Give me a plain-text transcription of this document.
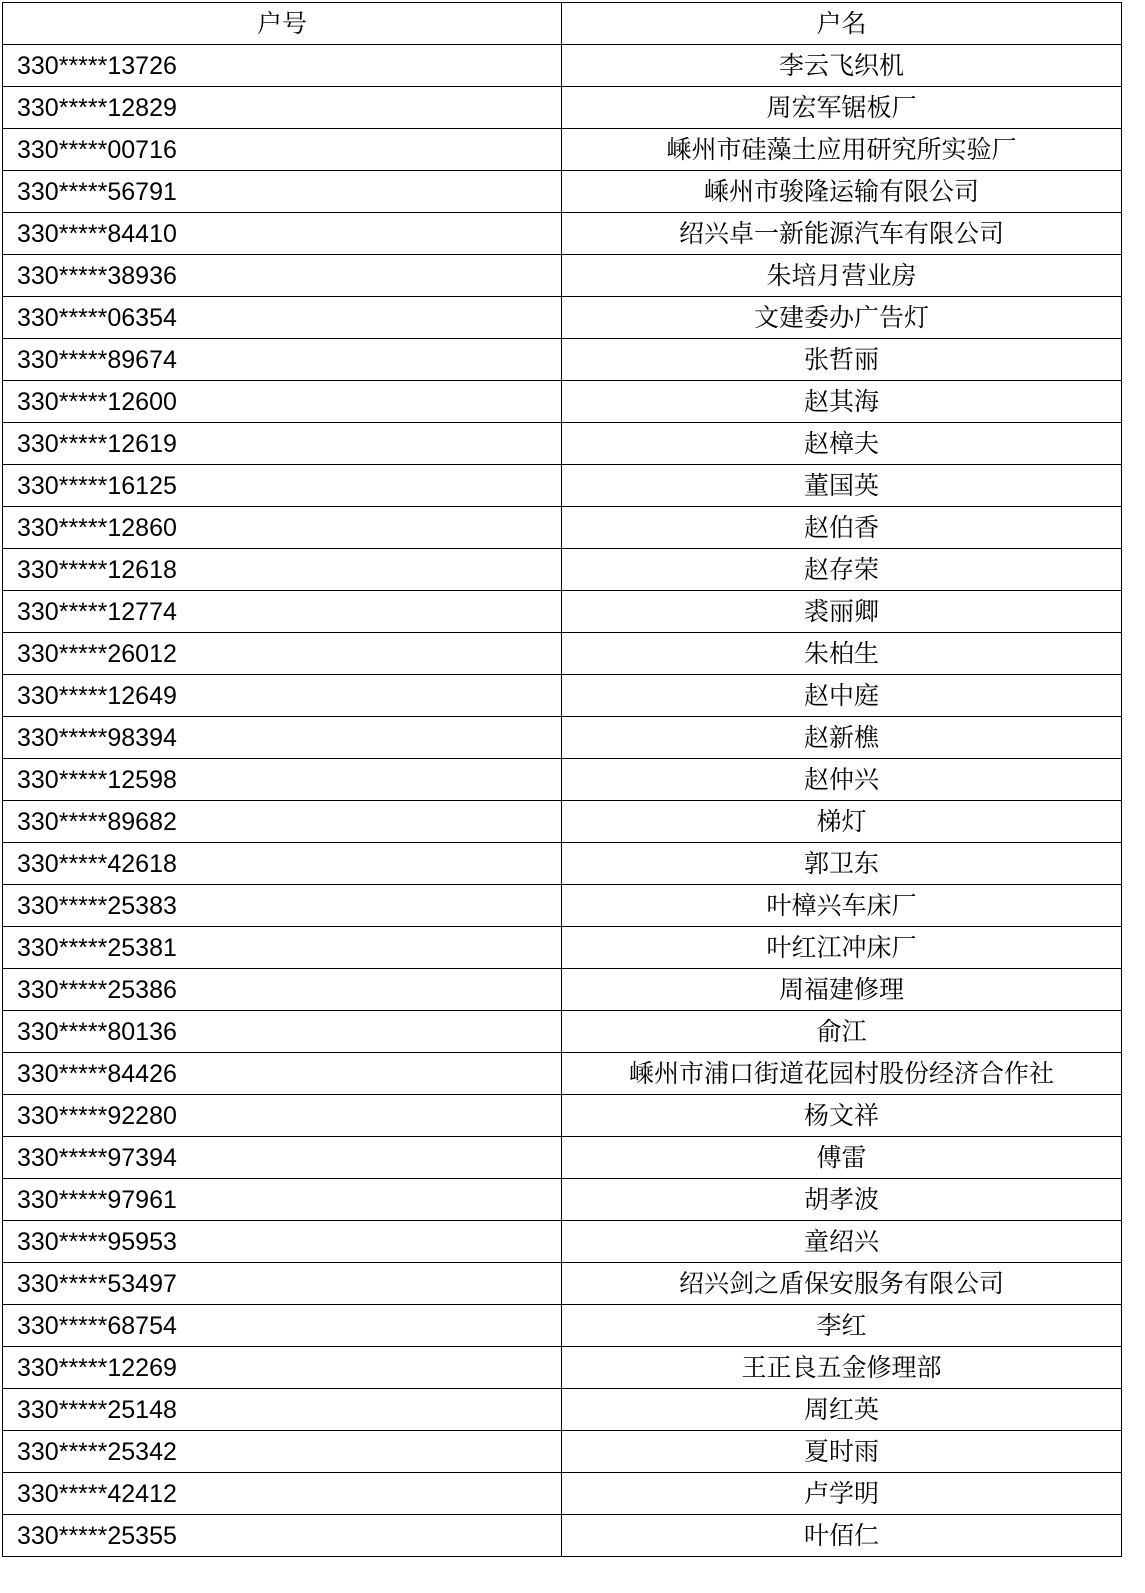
户号	户名
330*****13726	李云飞织机
330*****12829	周宏军锯板厂
330*****00716	嵊州市硅藻土应用研究所实验厂
330*****56791	嵊州市骏隆运输有限公司
330*****84410	绍兴卓一新能源汽车有限公司
330*****38936	朱培月营业房
330*****06354	文建委办广告灯
330*****89674	张哲丽
330*****12600	赵其海
330*****12619	赵樟夫
330*****16125	董国英
330*****12860	赵伯香
330*****12618	赵存荣
330*****12774	裘丽卿
330*****26012	朱柏生
330*****12649	赵中庭
330*****98394	赵新樵
330*****12598	赵仲兴
330*****89682	梯灯
330*****42618	郭卫东
330*****25383	叶樟兴车床厂
330*****25381	叶红江冲床厂
330*****25386	周福建修理
330*****80136	俞江
330*****84426	嵊州市浦口街道花园村股份经济合作社
330*****92280	杨文祥
330*****97394	傅雷
330*****97961	胡孝波
330*****95953	童绍兴
330*****53497	绍兴剑之盾保安服务有限公司
330*****68754	李红
330*****12269	王正良五金修理部
330*****25148	周红英
330*****25342	夏时雨
330*****42412	卢学明
330*****25355	叶佰仁
